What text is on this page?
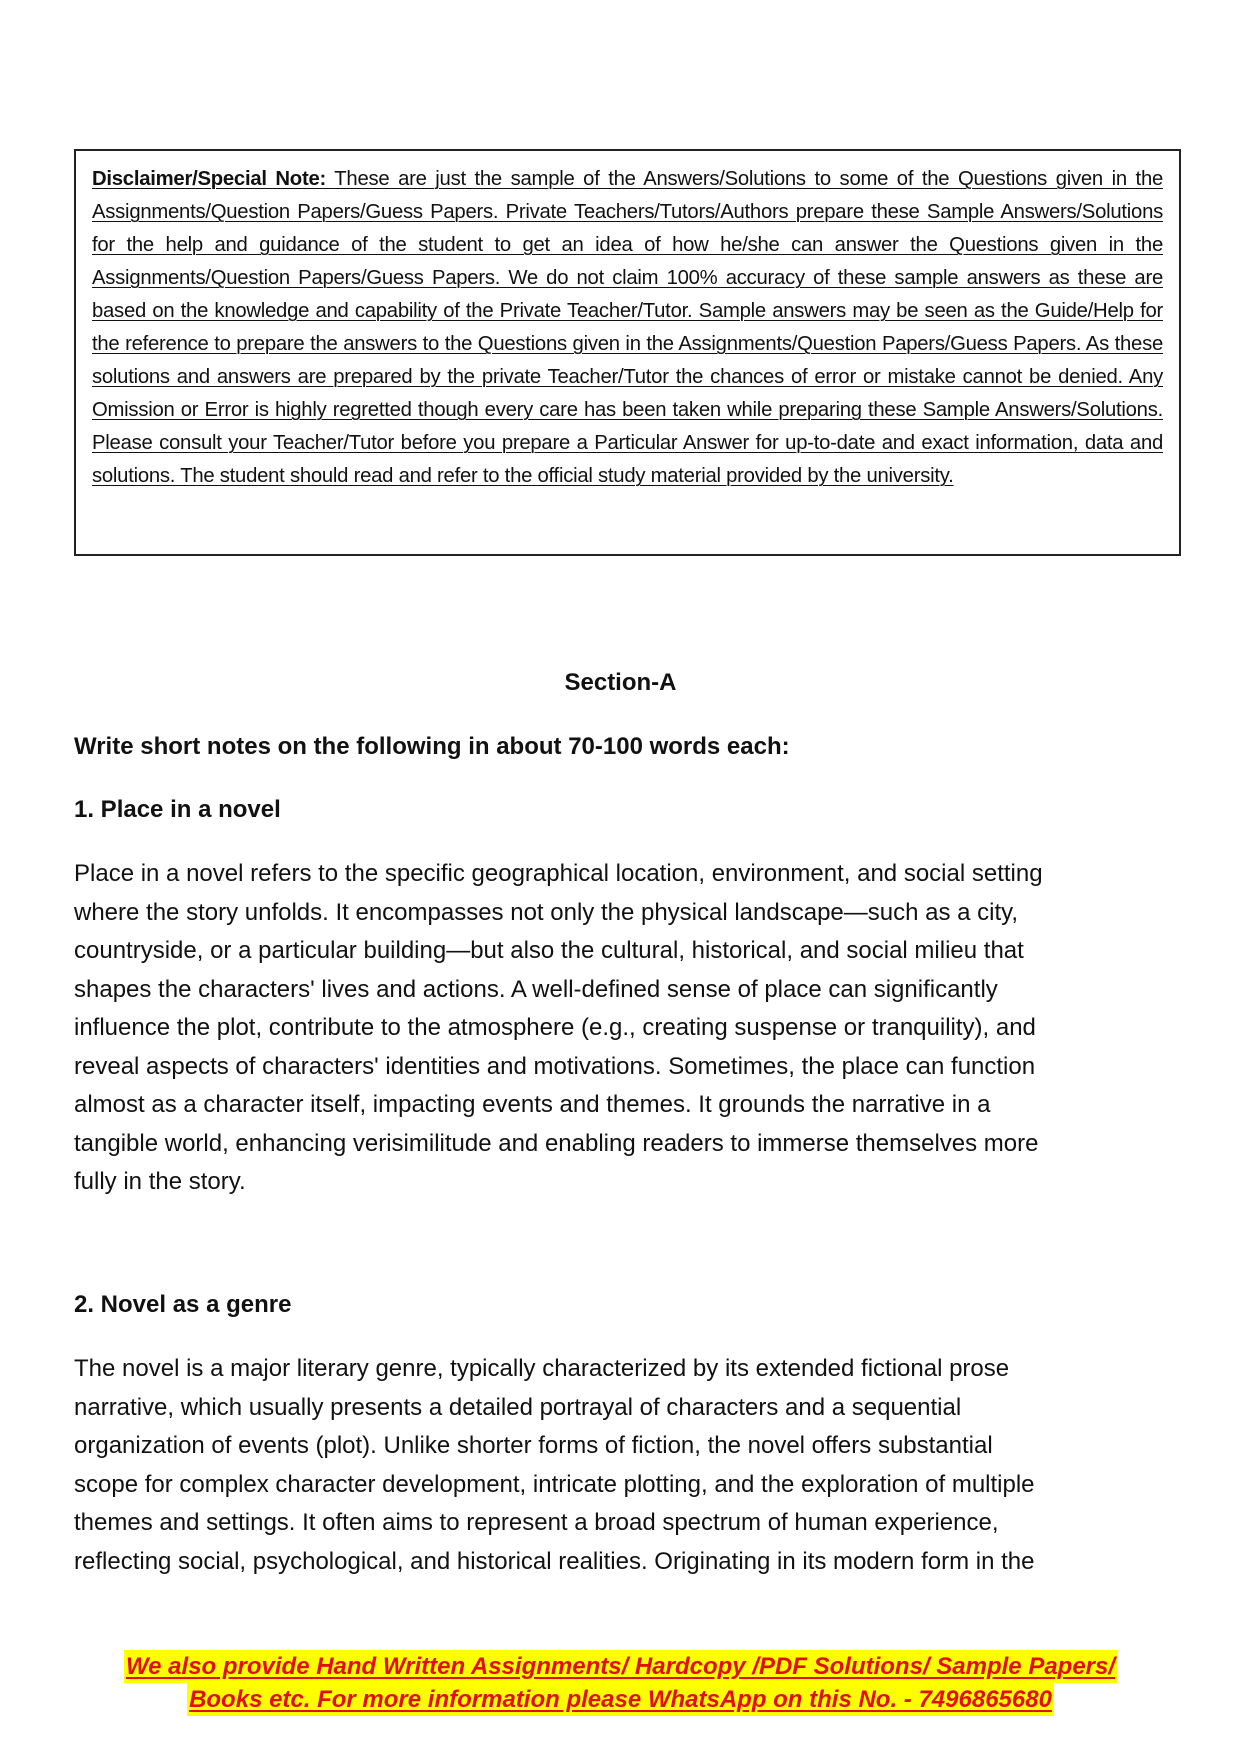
Disclaimer/Special Note: These are just the sample of the Answers/Solutions to some of the Questions given in the Assignments/Question Papers/Guess Papers. Private Teachers/Tutors/Authors prepare these Sample Answers/Solutions for the help and guidance of the student to get an idea of how he/she can answer the Questions given in the Assignments/Question Papers/Guess Papers. We do not claim 100% accuracy of these sample answers as these are based on the knowledge and capability of the Private Teacher/Tutor. Sample answers may be seen as the Guide/Help for the reference to prepare the answers to the Questions given in the Assignments/Question Papers/Guess Papers. As these solutions and answers are prepared by the private Teacher/Tutor the chances of error or mistake cannot be denied. Any Omission or Error is highly regretted though every care has been taken while preparing these Sample Answers/Solutions. Please consult your Teacher/Tutor before you prepare a Particular Answer for up-to-date and exact information, data and solutions. The student should read and refer to the official study material provided by the university.
Section-A
Write short notes on the following in about 70-100 words each:
1. Place in a novel
Place in a novel refers to the specific geographical location, environment, and social setting
where the story unfolds. It encompasses not only the physical landscape—such as a city,
countryside, or a particular building—but also the cultural, historical, and social milieu that
shapes the characters' lives and actions. A well-defined sense of place can significantly
influence the plot, contribute to the atmosphere (e.g., creating suspense or tranquility), and
reveal aspects of characters' identities and motivations. Sometimes, the place can function
almost as a character itself, impacting events and themes. It grounds the narrative in a
tangible world, enhancing verisimilitude and enabling readers to immerse themselves more
fully in the story.
2. Novel as a genre
The novel is a major literary genre, typically characterized by its extended fictional prose
narrative, which usually presents a detailed portrayal of characters and a sequential
organization of events (plot). Unlike shorter forms of fiction, the novel offers substantial
scope for complex character development, intricate plotting, and the exploration of multiple
themes and settings. It often aims to represent a broad spectrum of human experience,
reflecting social, psychological, and historical realities. Originating in its modern form in the
We also provide Hand Written Assignments/ Hardcopy /PDF Solutions/ Sample Papers/
Books etc. For more information please WhatsApp on this No. - 7496865680
